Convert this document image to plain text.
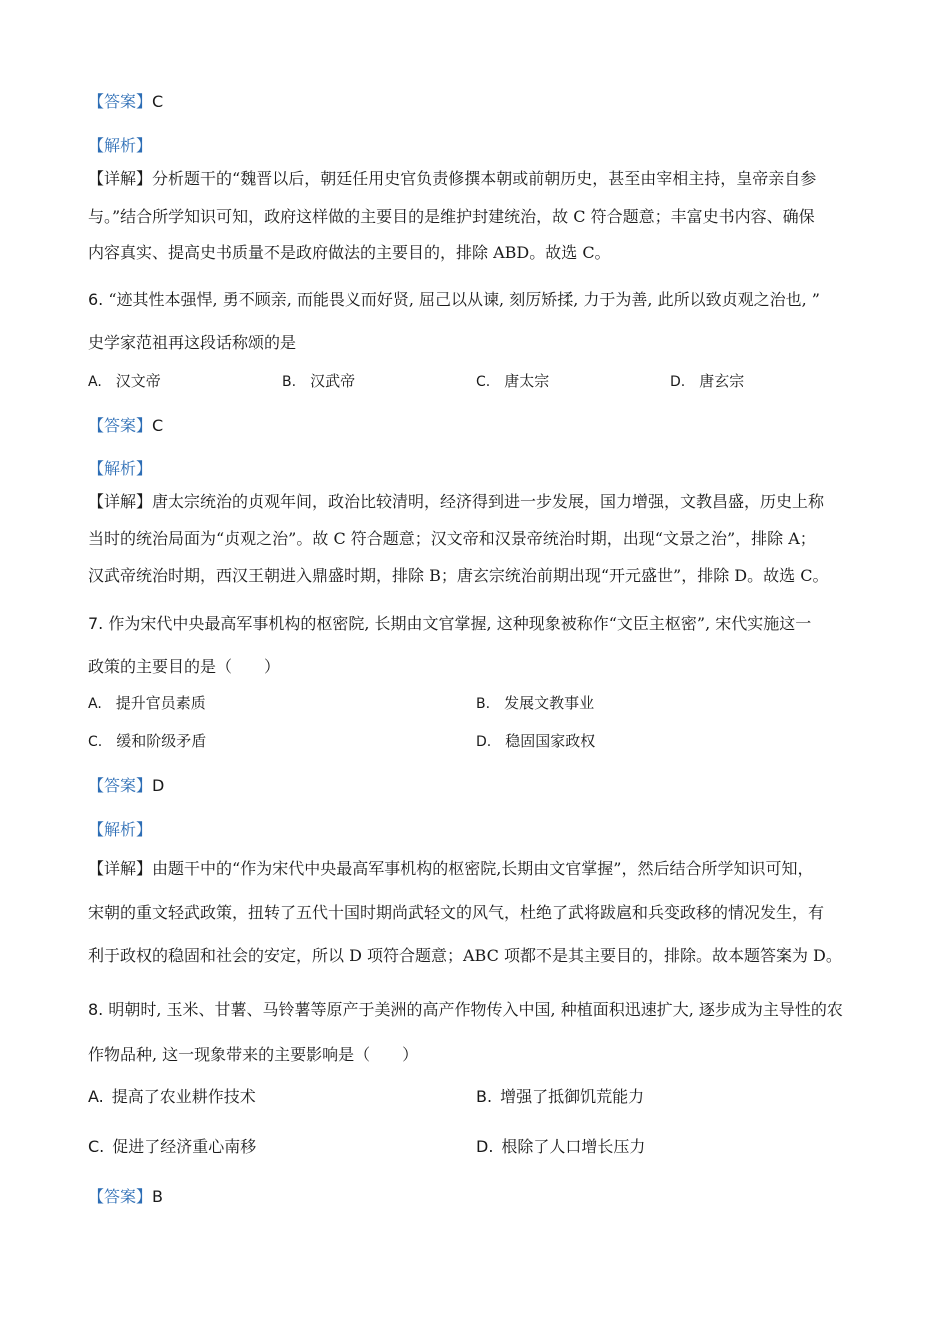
【答案】C
【解析】
【详解】分析题干的“魏晋以后，朝廷任用史官负责修撰本朝或前朝历史，甚至由宰相主持，皇帝亲自参
与。”结合所学知识可知，政府这样做的主要目的是维护封建统治，故 C 符合题意；丰富史书内容、确保
内容真实、提高史书质量不是政府做法的主要目的，排除 ABD。故选 C。
6. “迹其性本强悍, 勇不顾亲, 而能畏义而好贤, 屈己以从谏, 刻厉矫揉, 力于为善, 此所以致贞观之治也, ”
史学家范祖再这段话称颂的是
A. 汉文帝	B. 汉武帝	C. 唐太宗	D. 唐玄宗
【答案】C
【解析】
【详解】唐太宗统治的贞观年间，政治比较清明，经济得到进一步发展，国力增强，文教昌盛，历史上称
当时的统治局面为“贞观之治”。故 C 符合题意；汉文帝和汉景帝统治时期，出现“文景之治”，排除 A；
汉武帝统治时期，西汉王朝进入鼎盛时期，排除 B；唐玄宗统治前期出现“开元盛世”，排除 D。故选 C。
7. 作为宋代中央最高军事机构的枢密院, 长期由文官掌握, 这种现象被称作“文臣主枢密”, 宋代实施这一
政策的主要目的是（　　）
A. 提升官员素质	B. 发展文教事业
C. 缓和阶级矛盾	D. 稳固国家政权
【答案】D
【解析】
【详解】由题干中的“作为宋代中央最高军事机构的枢密院,长期由文官掌握”，然后结合所学知识可知，
宋朝的重文轻武政策，扭转了五代十国时期尚武轻文的风气，杜绝了武将跋扈和兵变政移的情况发生，有
利于政权的稳固和社会的安定，所以 D 项符合题意；ABC 项都不是其主要目的，排除。故本题答案为 D。
8. 明朝时, 玉米、甘薯、马铃薯等原产于美洲的高产作物传入中国, 种植面积迅速扩大, 逐步成为主导性的农
作物品种, 这一现象带来的主要影响是（　　）
A. 提高了农业耕作技术	B. 增强了抵御饥荒能力
C. 促进了经济重心南移	D. 根除了人口增长压力
【答案】B
